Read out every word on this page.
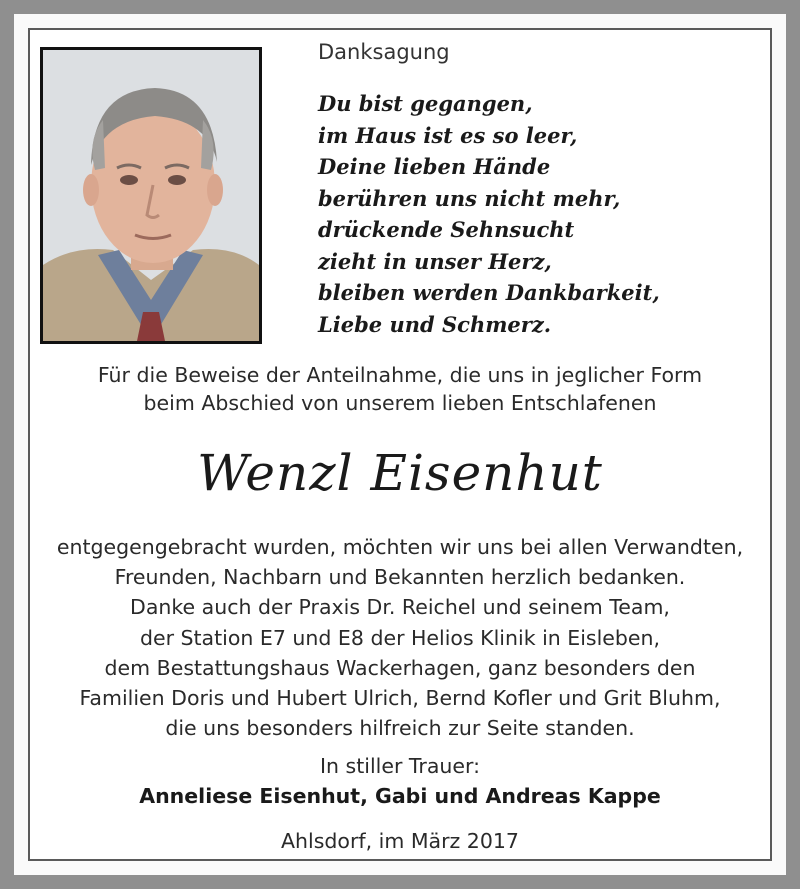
Danksagung
Du bist gegangen,
im Haus ist es so leer,
Deine lieben Hände
berühren uns nicht mehr,
drückende Sehnsucht
zieht in unser Herz,
bleiben werden Dankbarkeit,
Liebe und Schmerz.
Für die Beweise der Anteilnahme, die uns in jeglicher Form
beim Abschied von unserem lieben Entschlafenen
Wenzl Eisenhut
entgegengebracht wurden, möchten wir uns bei allen Verwandten,
Freunden, Nachbarn und Bekannten herzlich bedanken.
Danke auch der Praxis Dr. Reichel und seinem Team,
der Station E7 und E8 der Helios Klinik in Eisleben,
dem Bestattungshaus Wackerhagen, ganz besonders den
Familien Doris und Hubert Ulrich, Bernd Kofler und Grit Bluhm,
die uns besonders hilfreich zur Seite standen.
In stiller Trauer:
Anneliese Eisenhut, Gabi und Andreas Kappe
Ahlsdorf, im März 2017
